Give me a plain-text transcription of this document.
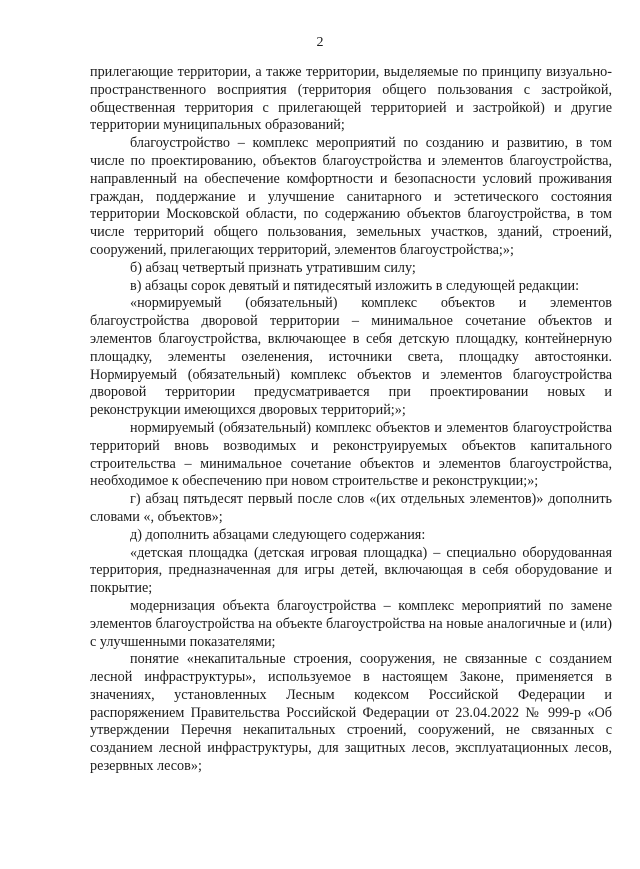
2

прилегающие территории, а также территории, выделяемые по принципу визуально-пространственного восприятия (территория общего пользования с застройкой, общественная территория с прилегающей территорией и застройкой) и другие территории муниципальных образований;

благоустройство – комплекс мероприятий по созданию и развитию, в том числе по проектированию, объектов благоустройства и элементов благоустройства, направленный на обеспечение комфортности и безопасности условий проживания граждан, поддержание и улучшение санитарного и эстетического состояния территории Московской области, по содержанию объектов благоустройства, в том числе территорий общего пользования, земельных участков, зданий, строений, сооружений, прилегающих территорий, элементов благоустройства;»;

б) абзац четвертый признать утратившим силу;

в) абзацы сорок девятый и пятидесятый изложить в следующей редакции:

«нормируемый (обязательный) комплекс объектов и элементов благоустройства дворовой территории – минимальное сочетание объектов и элементов благоустройства, включающее в себя детскую площадку, контейнерную площадку, элементы озеленения, источники света, площадку автостоянки. Нормируемый (обязательный) комплекс объектов и элементов благоустройства дворовой территории предусматривается при проектировании новых и реконструкции имеющихся дворовых территорий;»;

нормируемый (обязательный) комплекс объектов и элементов благоустройства территорий вновь возводимых и реконструируемых объектов капитального строительства – минимальное сочетание объектов и элементов благоустройства, необходимое к обеспечению при новом строительстве и реконструкции;»;

г) абзац пятьдесят первый после слов «(их отдельных элементов)» дополнить словами «, объектов»;

д) дополнить абзацами следующего содержания:

«детская площадка (детская игровая площадка) – специально оборудованная территория, предназначенная для игры детей, включающая в себя оборудование и покрытие;

модернизация объекта благоустройства – комплекс мероприятий по замене элементов благоустройства на объекте благоустройства на новые аналогичные и (или) с улучшенными показателями;

понятие «некапитальные строения, сооружения, не связанные с созданием лесной инфраструктуры», используемое в настоящем Законе, применяется в значениях, установленных Лесным кодексом Российской Федерации и распоряжением Правительства Российской Федерации от 23.04.2022 № 999-р «Об утверждении Перечня некапитальных строений, сооружений, не связанных с созданием лесной инфраструктуры, для защитных лесов, эксплуатационных лесов, резервных лесов»;
